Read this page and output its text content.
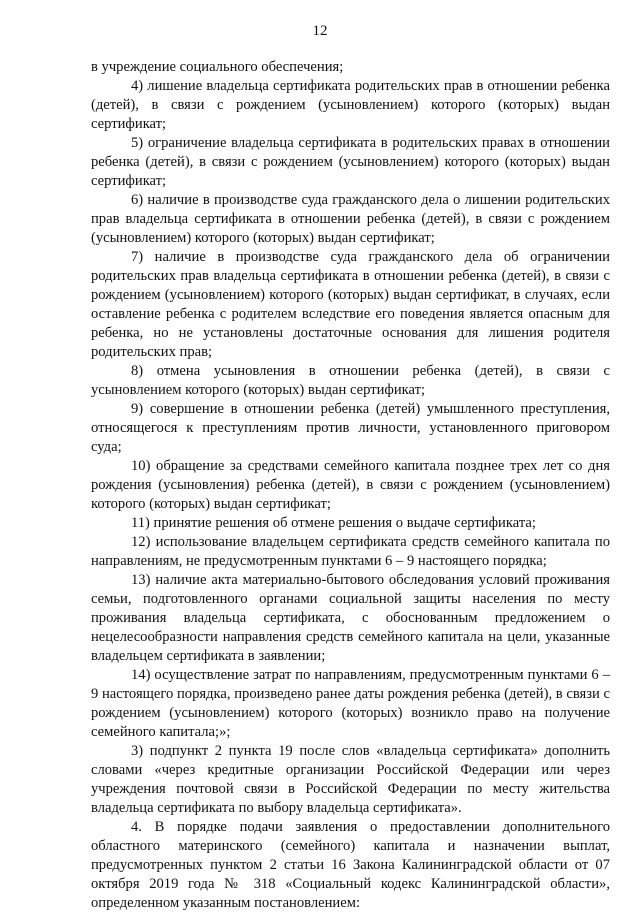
12

в учреждение социального обеспечения;

4) лишение владельца сертификата родительских прав в отношении ребенка (детей), в связи с рождением (усыновлением) которого (которых) выдан сертификат;

5) ограничение владельца сертификата в родительских правах в отношении ребенка (детей), в связи с рождением (усыновлением) которого (которых) выдан сертификат;

6) наличие в производстве суда гражданского дела о лишении родительских прав владельца сертификата в отношении ребенка (детей), в связи с рождением (усыновлением) которого (которых) выдан сертификат;

7) наличие в производстве суда гражданского дела об ограничении родительских прав владельца сертификата в отношении ребенка (детей), в связи с рождением (усыновлением) которого (которых) выдан сертификат, в случаях, если оставление ребенка с родителем вследствие его поведения является опасным для ребенка, но не установлены достаточные основания для лишения родителя родительских прав;

8) отмена усыновления в отношении ребенка (детей), в связи с усыновлением которого (которых) выдан сертификат;

9) совершение в отношении ребенка (детей) умышленного преступления, относящегося к преступлениям против личности, установленного приговором суда;

10) обращение за средствами семейного капитала позднее трех лет со дня рождения (усыновления) ребенка (детей), в связи с рождением (усыновлением) которого (которых) выдан сертификат;

11) принятие решения об отмене решения о выдаче сертификата;

12) использование владельцем сертификата средств семейного капитала по направлениям, не предусмотренным пунктами 6 – 9 настоящего порядка;

13) наличие акта материально-бытового обследования условий проживания семьи, подготовленного органами социальной защиты населения по месту проживания владельца сертификата, с обоснованным предложением о нецелесообразности направления средств семейного капитала на цели, указанные владельцем сертификата в заявлении;

14) осуществление затрат по направлениям, предусмотренным пунктами 6 – 9 настоящего порядка, произведено ранее даты рождения ребенка (детей), в связи с рождением (усыновлением) которого (которых) возникло право на получение семейного капитала;»;

3) подпункт 2 пункта 19 после слов «владельца сертификата» дополнить словами «через кредитные организации Российской Федерации или через учреждения почтовой связи в Российской Федерации по месту жительства владельца сертификата по выбору владельца сертификата».

4. В порядке подачи заявления о предоставлении дополнительного областного материнского (семейного) капитала и назначении выплат, предусмотренных пунктом 2 статьи 16 Закона Калининградской области от 07 октября 2019 года № 318 «Социальный кодекс Калининградской области», определенном указанным постановлением:
